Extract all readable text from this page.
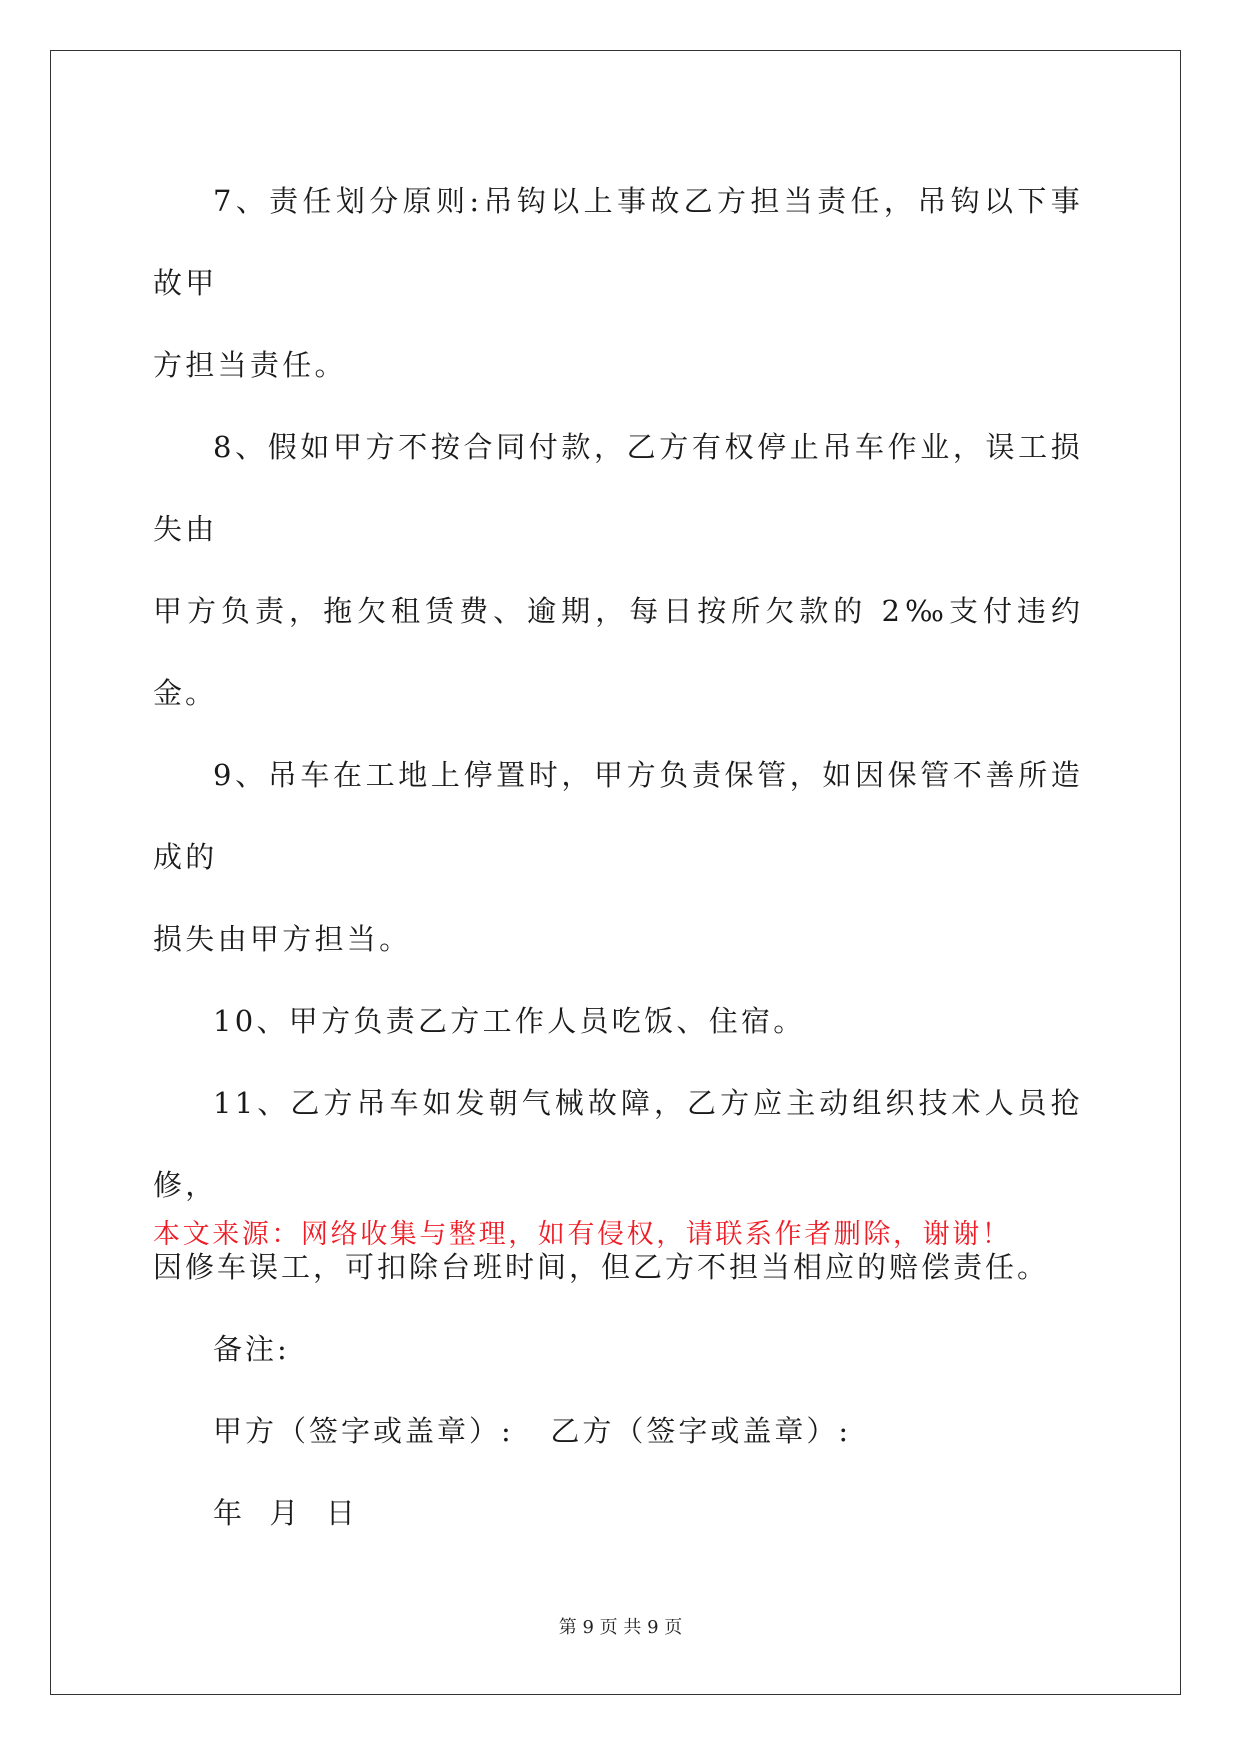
7、责任划分原则:吊钩以上事故乙方担当责任，吊钩以下事故甲

方担当责任。

8、假如甲方不按合同付款，乙方有权停止吊车作业，误工损失由

甲方负责，拖欠租赁费、逾期，每日按所欠款的 2‰支付违约金。

9、吊车在工地上停置时，甲方负责保管，如因保管不善所造成的

损失由甲方担当。

10、甲方负责乙方工作人员吃饭、住宿。

11、乙方吊车如发朝气械故障，乙方应主动组织技术人员抢修，

因修车误工，可扣除台班时间，但乙方不担当相应的赔偿责任。

备注:

甲方（签字或盖章）:   乙方（签字或盖章）:

年  月  日

本文来源：网络收集与整理，如有侵权，请联系作者删除，谢谢！

第 9 页 共 9 页
